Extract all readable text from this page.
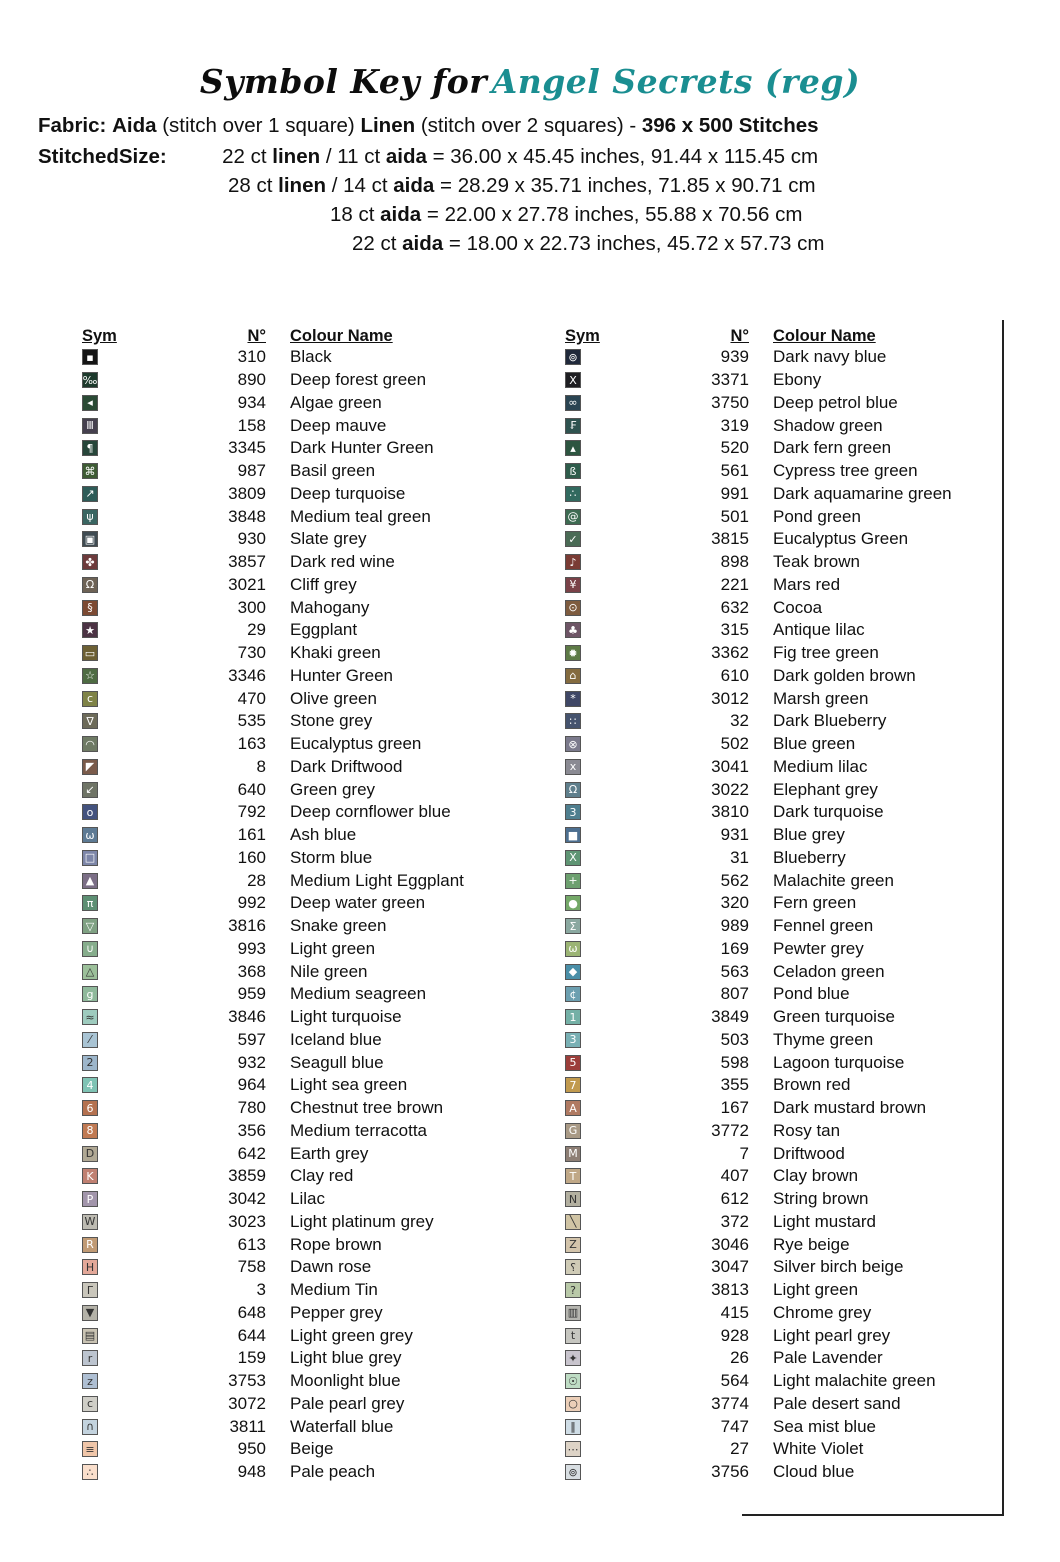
Symbol Key for Angel Secrets (reg)
Fabric: Aida (stitch over 1 square) Linen (stitch over 2 squares) - 396 x 500 Stitches
StitchedSize:	22 ct linen / 11 ct aida = 36.00 x 45.45 inches, 91.44 x 115.45 cm
28 ct linen / 14 ct aida = 28.29 x 35.71 inches, 71.85 x 90.71 cm
18 ct aida = 22.00 x 27.78 inches, 55.88 x 70.56 cm
22 ct aida = 18.00 x 22.73 inches, 45.72 x 57.73 cm
Sym	N°	Colour Name
▪	310	Black
‰	890	Deep forest green
◂	934	Algae green
Ⅲ	158	Deep mauve
¶	3345	Dark Hunter Green
⌘	987	Basil green
↗	3809	Deep turquoise
ψ	3848	Medium teal green
▣	930	Slate grey
✤	3857	Dark red wine
Ω	3021	Cliff grey
§	300	Mahogany
★	29	Eggplant
▭	730	Khaki green
☆	3346	Hunter Green
c	470	Olive green
∇	535	Stone grey
◠	163	Eucalyptus green
◤	8	Dark Driftwood
↙	640	Green grey
o	792	Deep cornflower blue
ω	161	Ash blue
□	160	Storm blue
▲	28	Medium Light Eggplant
π	992	Deep water green
▽	3816	Snake green
∪	993	Light green
△	368	Nile green
g	959	Medium seagreen
≈	3846	Light turquoise
⁄	597	Iceland blue
2	932	Seagull blue
4	964	Light sea green
6	780	Chestnut tree brown
8	356	Medium terracotta
D	642	Earth grey
K	3859	Clay red
P	3042	Lilac
W	3023	Light platinum grey
R	613	Rope brown
H	758	Dawn rose
Γ	3	Medium Tin
▼	648	Pepper grey
▤	644	Light green grey
r	159	Light blue grey
z	3753	Moonlight blue
c	3072	Pale pearl grey
∩	3811	Waterfall blue
≡	950	Beige
∴	948	Pale peach
Sym	N°	Colour Name
⊚	939	Dark navy blue
Ⅹ	3371	Ebony
∞	3750	Deep petrol blue
₣	319	Shadow green
▴	520	Dark fern green
ß	561	Cypress tree green
∴	991	Dark aquamarine green
@	501	Pond green
✓	3815	Eucalyptus Green
♪	898	Teak brown
¥	221	Mars red
⊙	632	Cocoa
♣	315	Antique lilac
✹	3362	Fig tree green
⌂	610	Dark golden brown
*	3012	Marsh green
∷	32	Dark Blueberry
⊗	502	Blue green
x	3041	Medium lilac
Ω	3022	Elephant grey
3	3810	Dark turquoise
■	931	Blue grey
X	31	Blueberry
+	562	Malachite green
●	320	Fern green
Σ	989	Fennel green
ω	169	Pewter grey
◆	563	Celadon green
¢	807	Pond blue
1	3849	Green turquoise
3	503	Thyme green
5	598	Lagoon turquoise
7	355	Brown red
A	167	Dark mustard brown
G	3772	Rosy tan
M	7	Driftwood
T	407	Clay brown
N	612	String brown
╲	372	Light mustard
Z	3046	Rye beige
⸮	3047	Silver birch beige
?	3813	Light green
▥	415	Chrome grey
t	928	Light pearl grey
✦	26	Pale Lavender
☉	564	Light malachite green
○	3774	Pale desert sand
‖	747	Sea mist blue
⋯	27	White Violet
⊚	3756	Cloud blue
